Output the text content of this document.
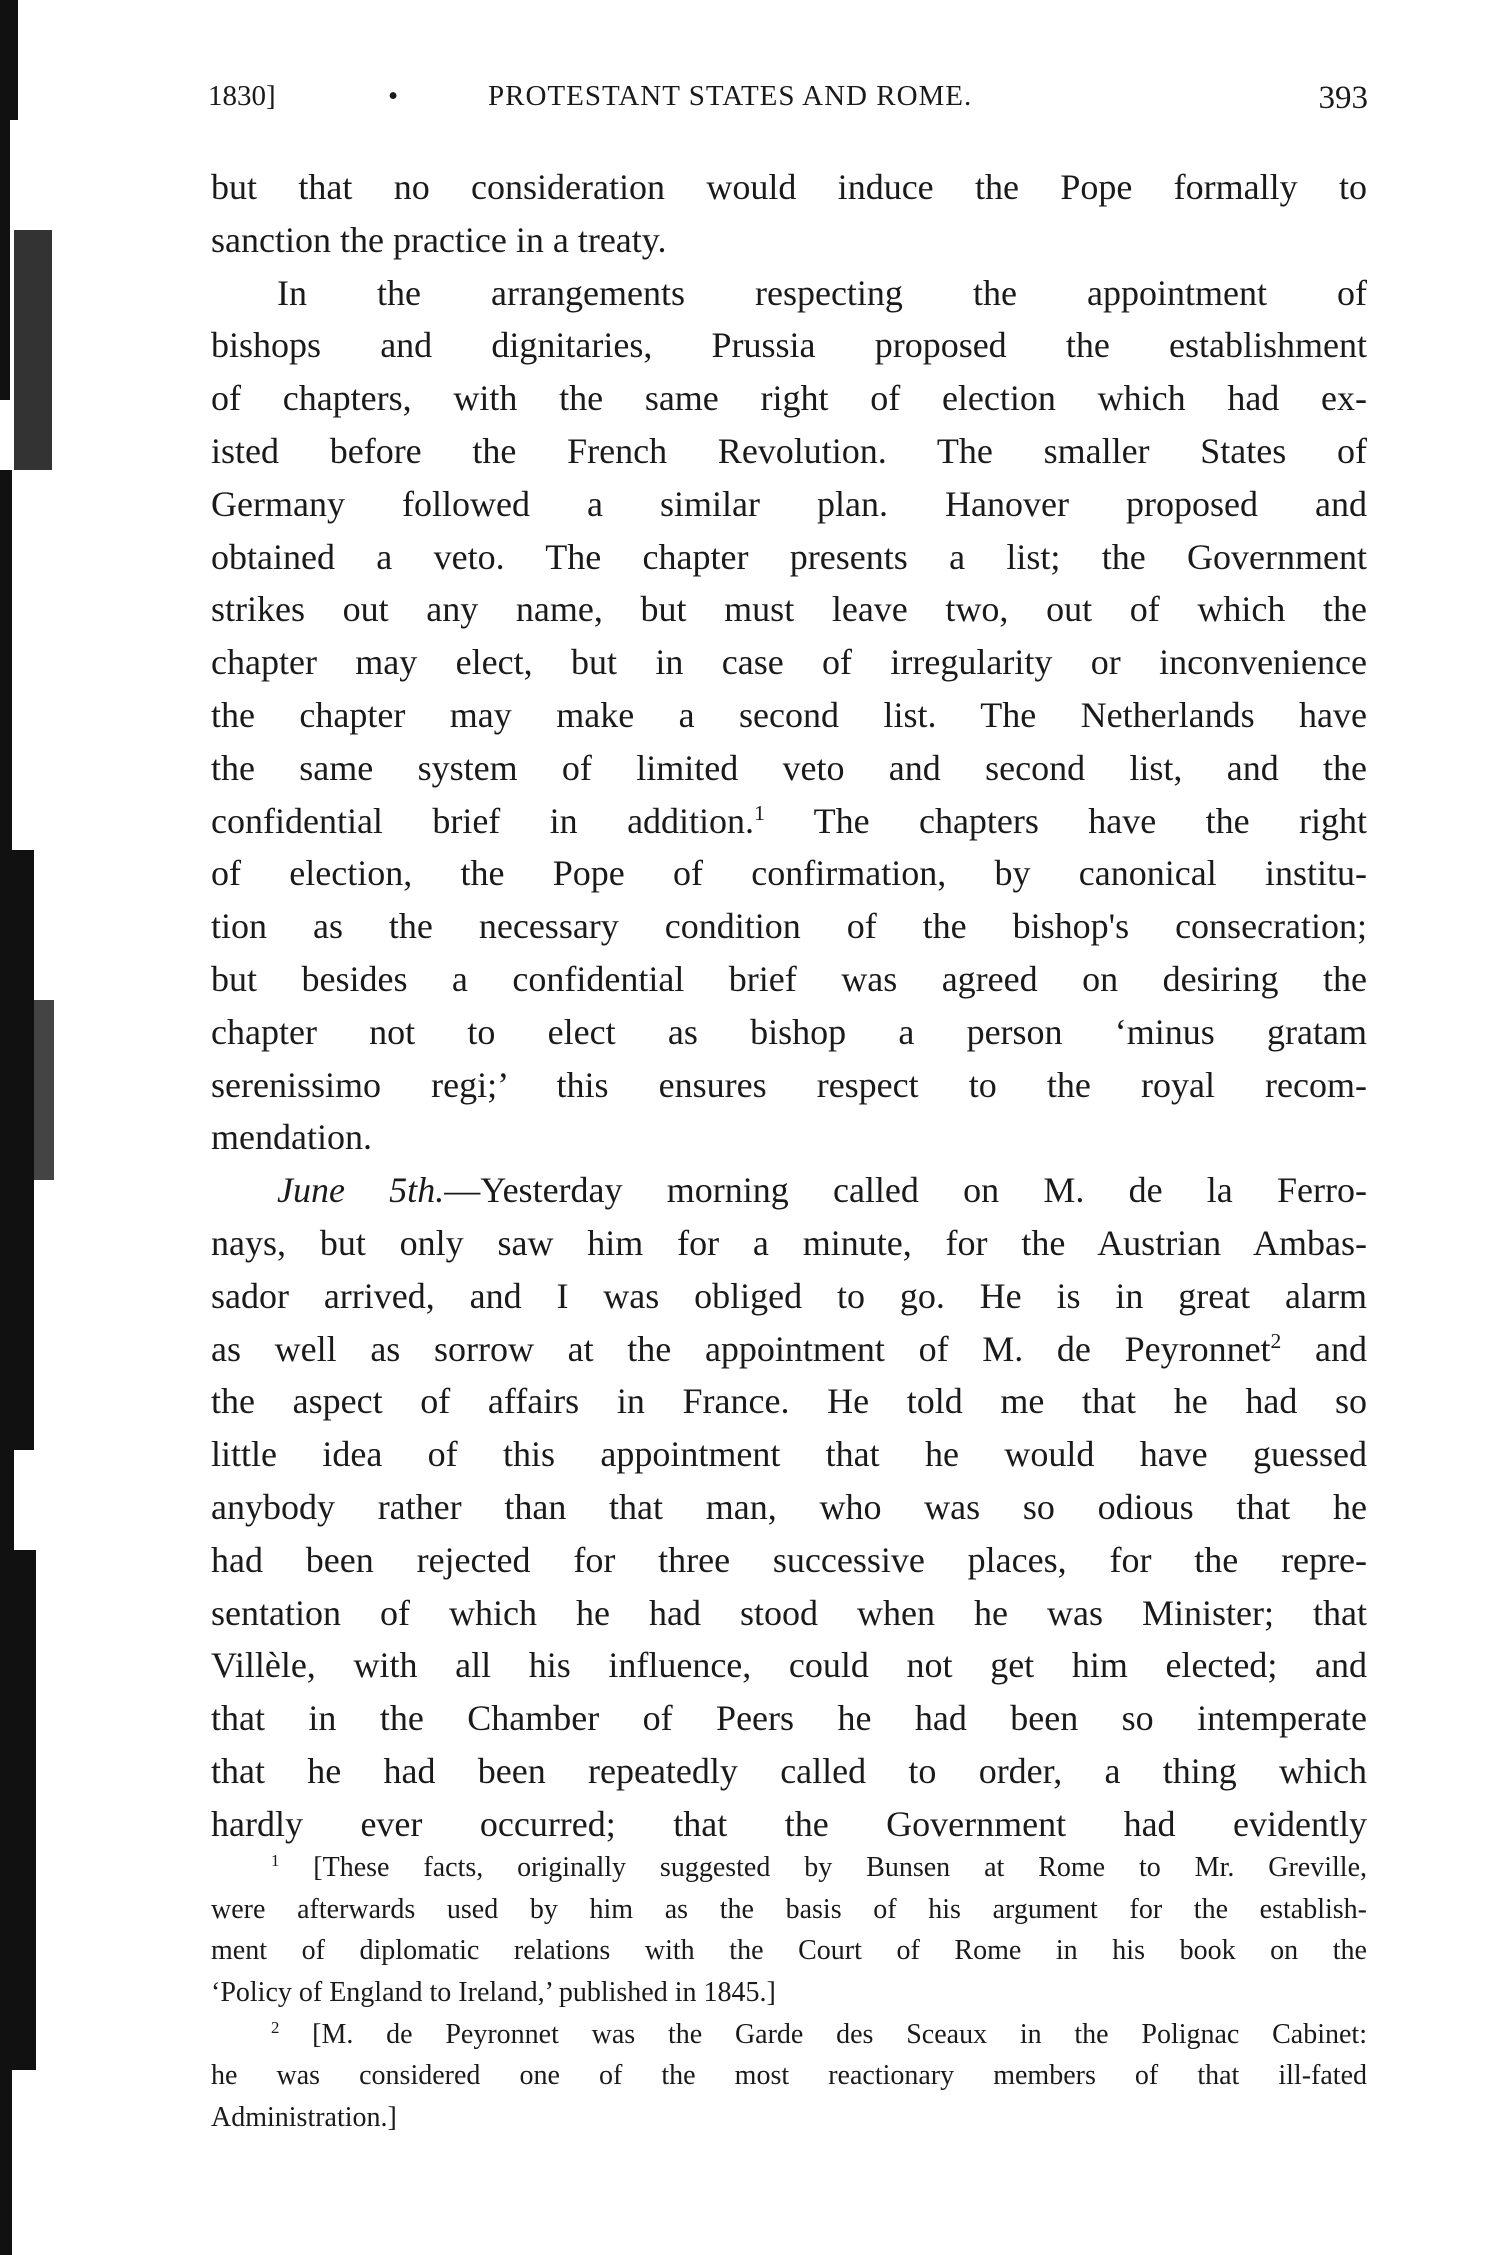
1830]	•	PROTESTANT STATES AND ROME.	393
but that no consideration would induce the Pope formally to
sanction the practice in a treaty.
In the arrangements respecting the appointment of
bishops and dignitaries, Prussia proposed the establishment
of chapters, with the same right of election which had ex-
isted before the French Revolution. The smaller States of
Germany followed a similar plan. Hanover proposed and
obtained a veto. The chapter presents a list; the Government
strikes out any name, but must leave two, out of which the
chapter may elect, but in case of irregularity or inconvenience
the chapter may make a second list. The Netherlands have
the same system of limited veto and second list, and the
confidential brief in addition.$^1$ The chapters have the right
of election, the Pope of confirmation, by canonical institu-
tion as the necessary condition of the bishop's consecration;
but besides a confidential brief was agreed on desiring the
chapter not to elect as bishop a person ‘minus gratam
serenissimo regi;’ this ensures respect to the royal recom-
mendation.
June 5th.—Yesterday morning called on M. de la Ferro-
nays, but only saw him for a minute, for the Austrian Ambas-
sador arrived, and I was obliged to go. He is in great alarm
as well as sorrow at the appointment of M. de Peyronnet$^2$ and
the aspect of affairs in France. He told me that he had so
little idea of this appointment that he would have guessed
anybody rather than that man, who was so odious that he
had been rejected for three successive places, for the repre-
sentation of which he had stood when he was Minister; that
Villèle, with all his influence, could not get him elected; and
that in the Chamber of Peers he had been so intemperate
that he had been repeatedly called to order, a thing which
hardly ever occurred; that the Government had evidently
$^1$ [These facts, originally suggested by Bunsen at Rome to Mr. Greville,
were afterwards used by him as the basis of his argument for the establish-
ment of diplomatic relations with the Court of Rome in his book on the
‘Policy of England to Ireland,’ published in 1845.]
$^2$ [M. de Peyronnet was the Garde des Sceaux in the Polignac Cabinet:
he was considered one of the most reactionary members of that ill-fated
Administration.]
